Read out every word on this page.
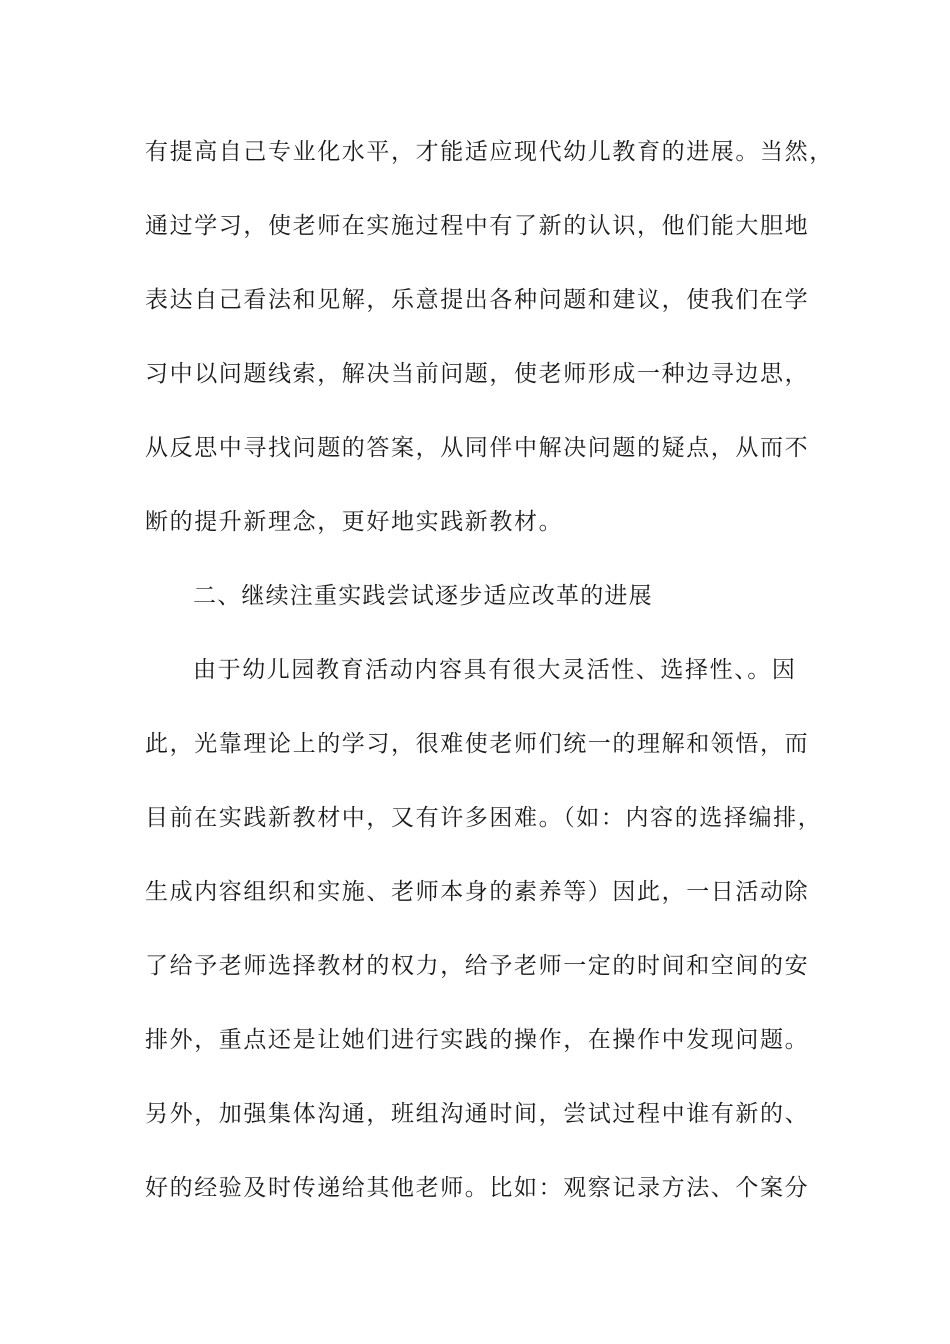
有提高自己专业化水平，才能适应现代幼儿教育的进展。当然，
通过学习，使老师在实施过程中有了新的认识，他们能大胆地
表达自己看法和见解，乐意提出各种问题和建议，使我们在学
习中以问题线索，解决当前问题，使老师形成一种边寻边思，
从反思中寻找问题的答案，从同伴中解决问题的疑点，从而不
断的提升新理念，更好地实践新教材。
二、继续注重实践尝试逐步适应改革的进展
由于幼儿园教育活动内容具有很大灵活性、选择性、。因
此，光靠理论上的学习，很难使老师们统一的理解和领悟，而
目前在实践新教材中，又有许多困难。（如：内容的选择编排，
生成内容组织和实施、老师本身的素养等）因此，一日活动除
了给予老师选择教材的权力，给予老师一定的时间和空间的安
排外，重点还是让她们进行实践的操作，在操作中发现问题。
另外，加强集体沟通，班组沟通时间，尝试过程中谁有新的、
好的经验及时传递给其他老师。比如：观察记录方法、个案分
